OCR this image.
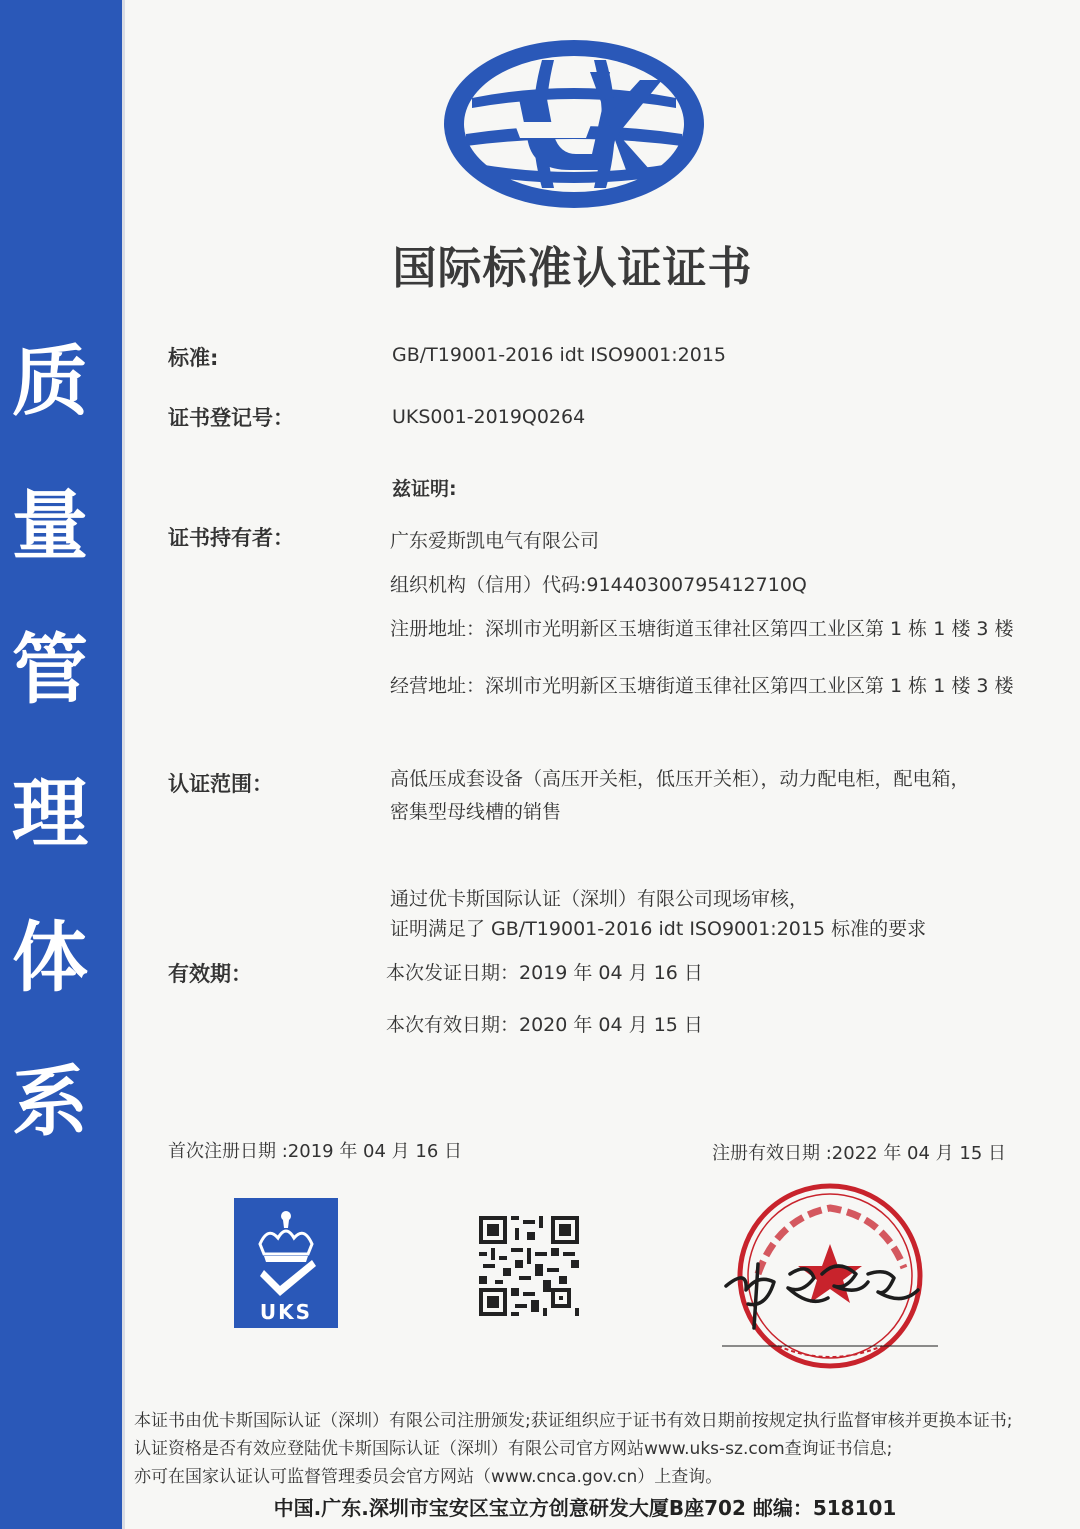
质
量
管
理
体
系
国际标准认证证书
标准:	GB/T19001-2016 idt ISO9001:2015
证书登记号：	UKS001-2019Q0264
兹证明:
证书持有者：	广东爱斯凯电气有限公司
组织机构（信用）代码:91440300795412710Q
注册地址：深圳市光明新区玉塘街道玉律社区第四工业区第 1 栋 1 楼 3 楼
经营地址：深圳市光明新区玉塘街道玉律社区第四工业区第 1 栋 1 楼 3 楼
认证范围：	高低压成套设备（高压开关柜，低压开关柜），动力配电柜，配电箱，
密集型母线槽的销售
通过优卡斯国际认证（深圳）有限公司现场审核，
证明满足了 GB/T19001-2016 idt ISO9001:2015 标准的要求
有效期：	本次发证日期：2019 年 04 月 16 日
本次有效日期：2020 年 04 月 15 日
首次注册日期 :2019 年 04 月 16 日	注册有效日期 :2022 年 04 月 15 日
UKS
本证书由优卡斯国际认证（深圳）有限公司注册颁发;获证组织应于证书有效日期前按规定执行监督审核并更换本证书;
认证资格是否有效应登陆优卡斯国际认证（深圳）有限公司官方网站www.uks-sz.com查询证书信息;
亦可在国家认证认可监督管理委员会官方网站（www.cnca.gov.cn）上查询。
中国.广东.深圳市宝安区宝立方创意研发大厦B座702 邮编：518101
